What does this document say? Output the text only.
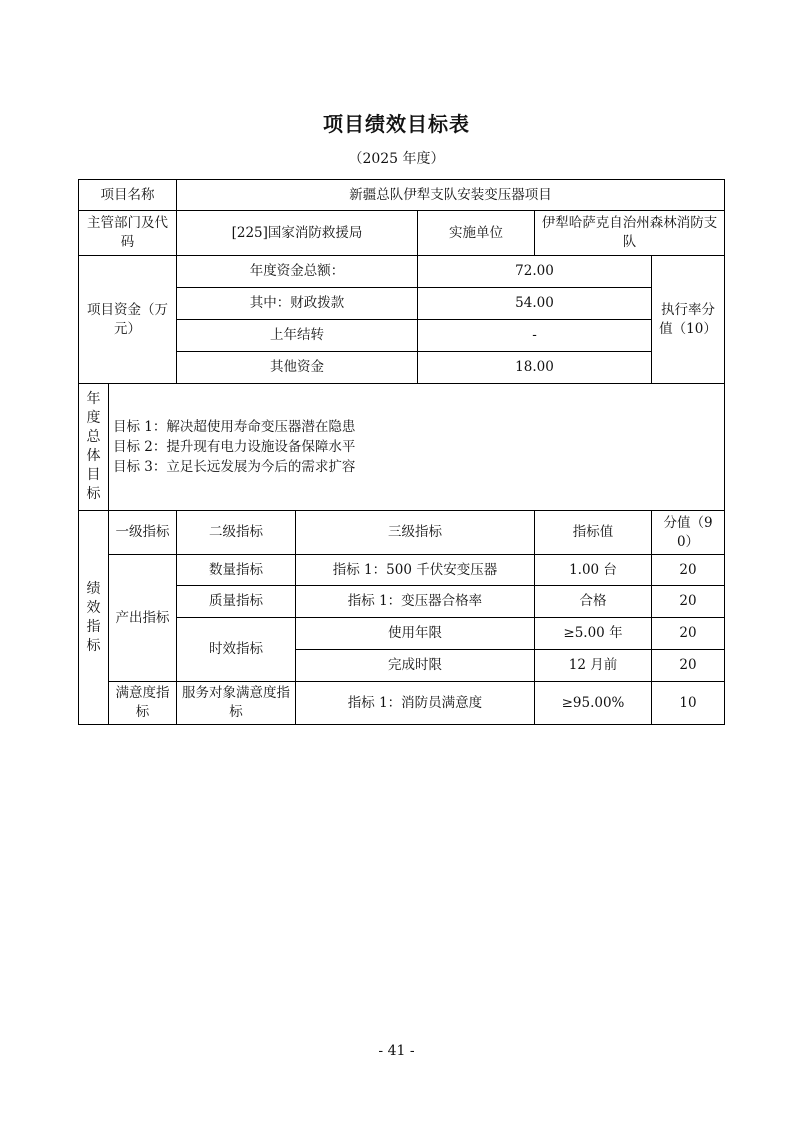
项目绩效目标表
（2025 年度）
项目名称		新疆总队伊犁支队安装变压器项目				
主管部门及代码		[225]国家消防救援局		实施单位	伊犁哈萨克自治州森林消防支队	
项目资金（万元）		年度资金总额：		72.00		执行率分值（10）
		其中：财政拨款		54.00		
		上年结转		-		
		其他资金		18.00		
年度总体目标	目标 1：解决超使用寿命变压器潜在隐患
目标 2：提升现有电力设施设备保障水平
目标 3：立足长远发展为今后的需求扩容					

绩效指标	一级指标	二级指标	三级指标		指标值	分值（90）
	产出指标	数量指标	指标 1：500 千伏安变压器		1.00 台	20
		质量指标	指标 1：变压器合格率		合格	20
		时效指标	使用年限		≥5.00 年	20
			完成时限		12 月前	20
	满意度指标	服务对象满意度指标	指标 1：消防员满意度		≥95.00%	10
- 41 -
